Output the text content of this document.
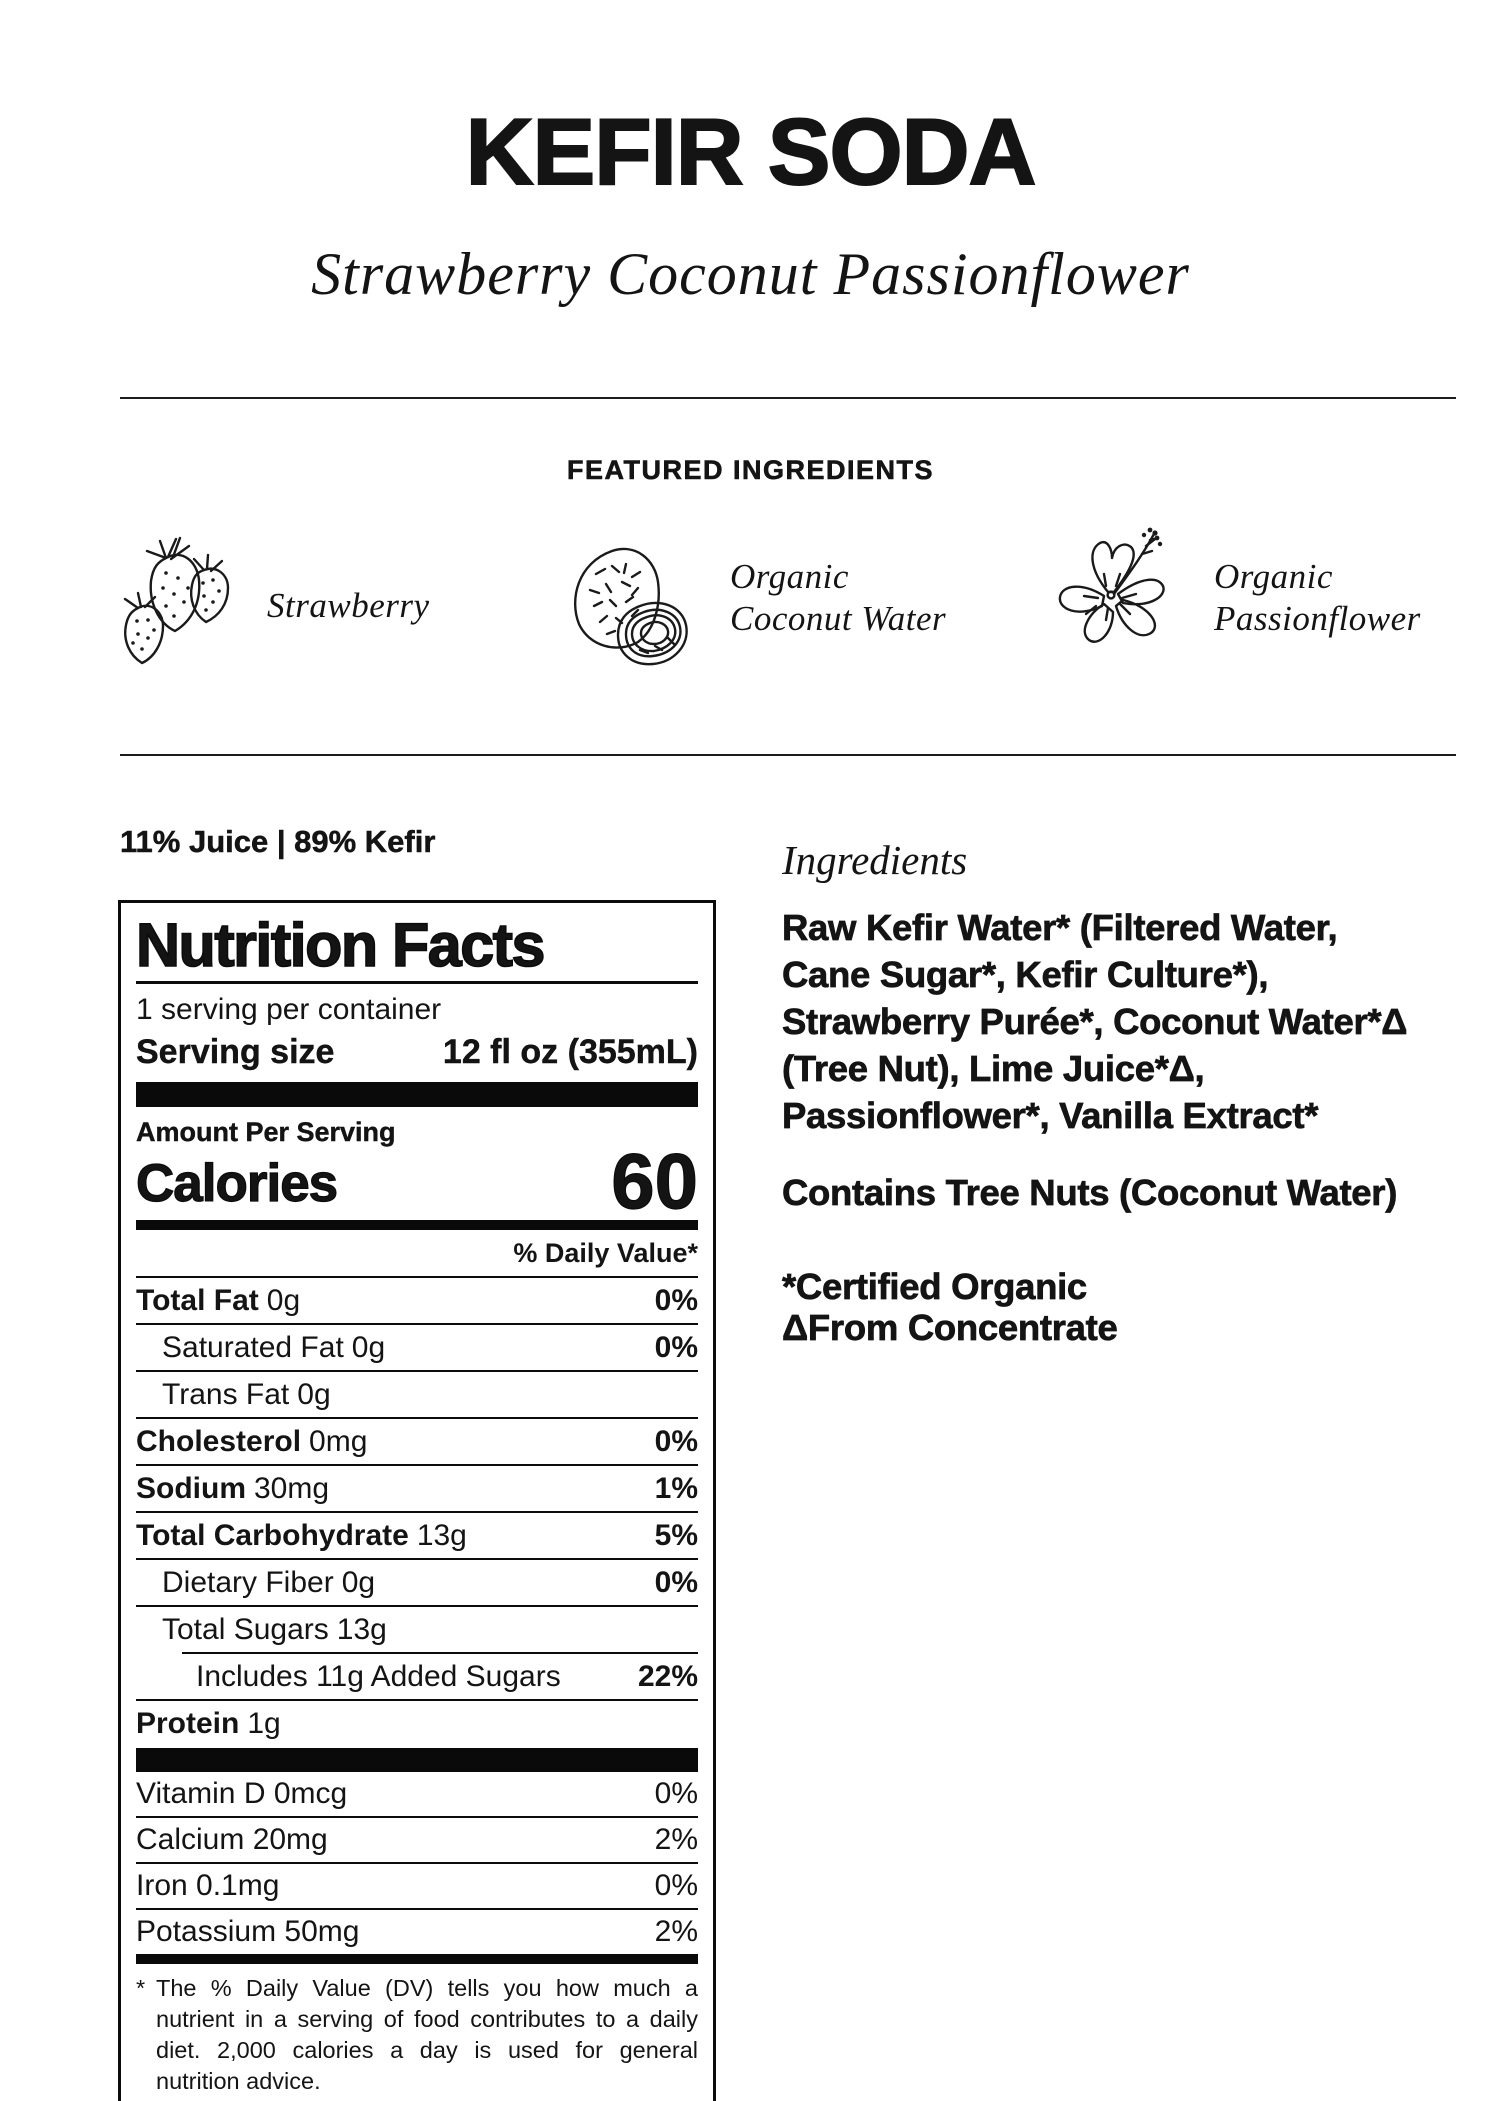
KEFIR SODA
Strawberry Coconut Passionflower
FEATURED INGREDIENTS
Strawberry
Organic Coconut Water
Organic Passionflower
11% Juice | 89% Kefir
Nutrition Facts
1 serving per container
Serving size	12 fl oz (355mL)
Amount Per Serving
Calories	60
% Daily Value*
Total Fat 0g	0%
Saturated Fat 0g	0%
Trans Fat 0g
Cholesterol 0mg	0%
Sodium 30mg	1%
Total Carbohydrate 13g	5%
Dietary Fiber 0g	0%
Total Sugars 13g
Includes 11g Added Sugars	22%
Protein 1g
Vitamin D 0mcg	0%
Calcium 20mg	2%
Iron 0.1mg	0%
Potassium 50mg	2%
* The % Daily Value (DV) tells you how much a nutrient in a serving of food contributes to a daily diet. 2,000 calories a day is used for general nutrition advice.
Ingredients
Raw Kefir Water* (Filtered Water, Cane Sugar*, Kefir Culture*), Strawberry Purée*, Coconut Water*Δ (Tree Nut), Lime Juice*Δ, Passionflower*, Vanilla Extract*
Contains Tree Nuts (Coconut Water)
*Certified Organic
ΔFrom Concentrate
